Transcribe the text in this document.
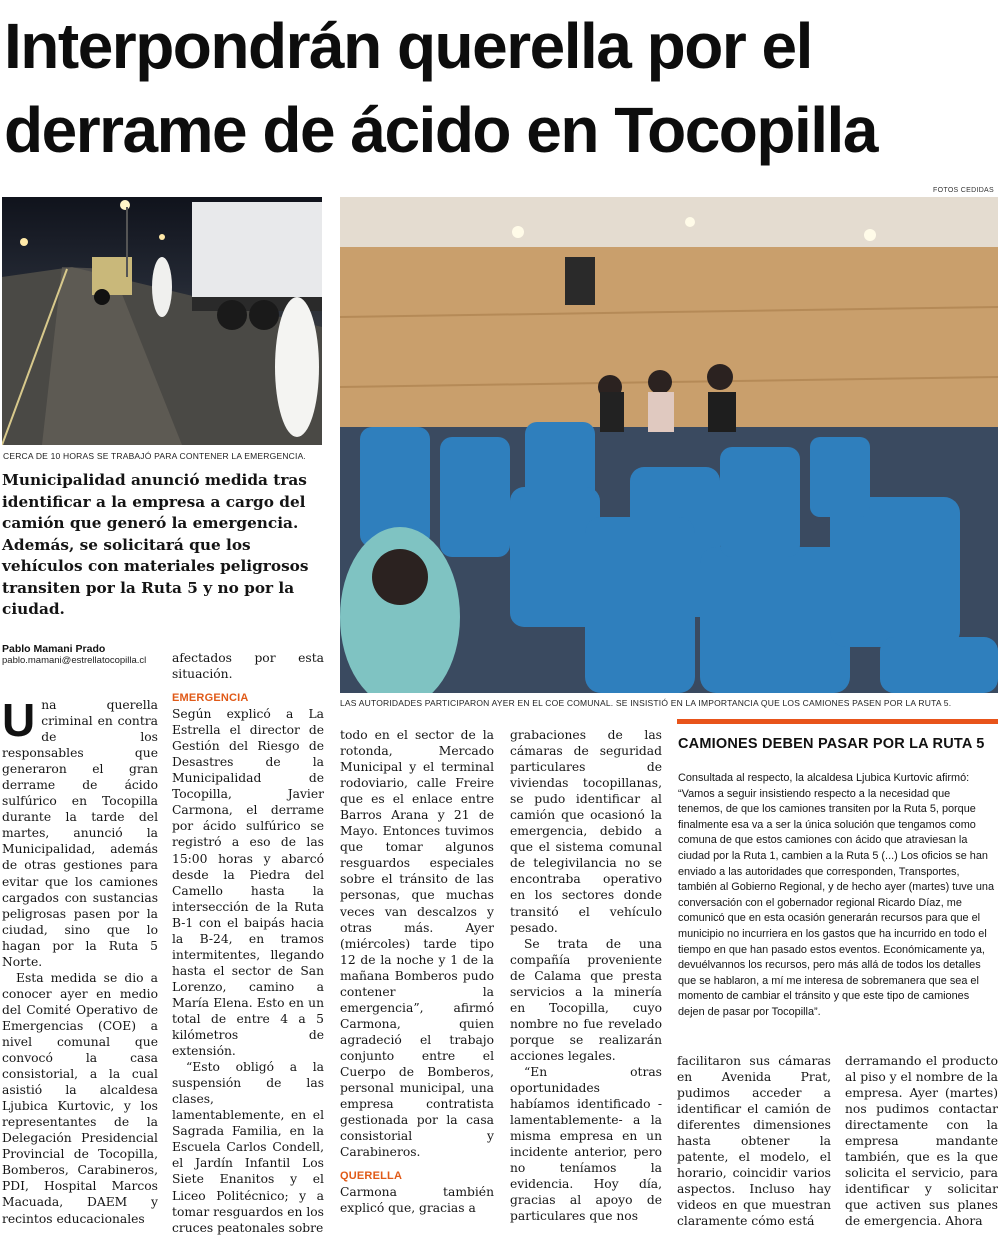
Interpondrán querella por el derrame de ácido en Tocopilla
FOTOS CEDIDAS
CERCA DE 10 HORAS SE TRABAJÓ PARA CONTENER LA EMERGENCIA.
LAS AUTORIDADES PARTICIPARON AYER EN EL COE COMUNAL. SE INSISTIÓ EN LA IMPORTANCIA QUE LOS CAMIONES PASEN POR LA RUTA 5.
Municipalidad anunció medida tras identificar a la empresa a cargo del camión que generó la emergencia. Además, se solicitará que los vehículos con materiales peligrosos transiten por la Ruta 5 y no por la ciudad.
Pablo Mamani Prado
pablo.mamani@estrellatocopilla.cl

Una querella criminal en contra de los responsables que generaron el gran derrame de ácido sulfúrico en Tocopilla durante la tarde del martes, anunció la Municipalidad, además de otras gestiones para evitar que los camiones cargados con sustancias peligrosas pasen por la ciudad, sino que lo hagan por la Ruta 5 Norte.

Esta medida se dio a conocer ayer en medio del Comité Operativo de Emergencias (COE) a nivel comunal que convocó la casa consistorial, a la cual asistió la alcaldesa Ljubica Kurtovic, y los representantes de la Delegación Presidencial Provincial de Tocopilla, Bomberos, Carabineros, PDI, Hospital Marcos Macuada, DAEM y recintos educacionales

afectados por esta situación.

EMERGENCIA

Según explicó a La Estrella el director de Gestión del Riesgo de Desastres de la Municipalidad de Tocopilla, Javier Carmona, el derrame por ácido sulfúrico se registró a eso de las 15:00 horas y abarcó desde la Piedra del Camello hasta la intersección de la Ruta B-1 con el baipás hacia la B-24, en tramos intermitentes, llegando hasta el sector de San Lorenzo, camino a María Elena. Esto en un total de entre 4 a 5 kilómetros de extensión.

“Esto obligó a la suspensión de las clases, lamentablemente, en el Sagrada Familia, en la Escuela Carlos Condell, el Jardín Infantil Los Siete Enanitos y el Liceo Politécnico; y a tomar resguardos en los cruces peatonales sobre

todo en el sector de la rotonda, Mercado Municipal y el terminal rodoviario, calle Freire que es el enlace entre Barros Arana y 21 de Mayo. Entonces tuvimos que tomar algunos resguardos especiales sobre el tránsito de las personas, que muchas veces van descalzos y otras más. Ayer (miércoles) tarde tipo 12 de la noche y 1 de la mañana Bomberos pudo contener la emergencia”, afirmó Carmona, quien agradeció el trabajo conjunto entre el Cuerpo de Bomberos, personal municipal, una empresa contratista gestionada por la casa consistorial y Carabineros.

QUERELLA

Carmona también explicó que, gracias a

grabaciones de las cámaras de seguridad particulares de viviendas tocopillanas, se pudo identificar al camión que ocasionó la emergencia, debido a que el sistema comunal de telegivilancia no se encontraba operativo en los sectores donde transitó el vehículo pesado.

Se trata de una compañía proveniente de Calama que presta servicios a la minería en Tocopilla, cuyo nombre no fue revelado porque se realizarán acciones legales.

“En otras oportunidades habíamos identificado -lamentablemente- a la misma empresa en un incidente anterior, pero no teníamos la evidencia. Hoy día, gracias al apoyo de particulares que nos

facilitaron sus cámaras en Avenida Prat, pudimos acceder a identificar el camión de diferentes dimensiones hasta obtener la patente, el modelo, el horario, coincidir varios aspectos. Incluso hay videos en que muestran claramente cómo está

derramando el producto al piso y el nombre de la empresa. Ayer (martes) nos pudimos contactar directamente con la empresa mandante también, que es la que solicita el servicio, para identificar y solicitar que activen sus planes de emergencia. Ahora

CAMIONES DEBEN PASAR POR LA RUTA 5
Consultada al respecto, la alcaldesa Ljubica Kurtovic afirmó: “Vamos a seguir insistiendo respecto a la necesidad que tenemos, de que los camiones transiten por la Ruta 5, porque finalmente esa va a ser la única solución que tengamos como comuna de que estos camiones con ácido que atraviesan la ciudad por la Ruta 1, cambien a la Ruta 5 (...) Los oficios se han enviado a las autoridades que corresponden, Transportes, también al Gobierno Regional, y de hecho ayer (martes) tuve una conversación con el gobernador regional Ricardo Díaz, me comunicó que en esta ocasión generarán recursos para que el municipio no incurriera en los gastos que ha incurrido en todo el tiempo en que han pasado estos eventos. Económicamente ya, devuélvannos los recursos, pero más allá de todos los detalles que se hablaron, a mí me interesa de sobremanera que sea el momento de cambiar el tránsito y que este tipo de camiones dejen de pasar por Tocopilla”.
